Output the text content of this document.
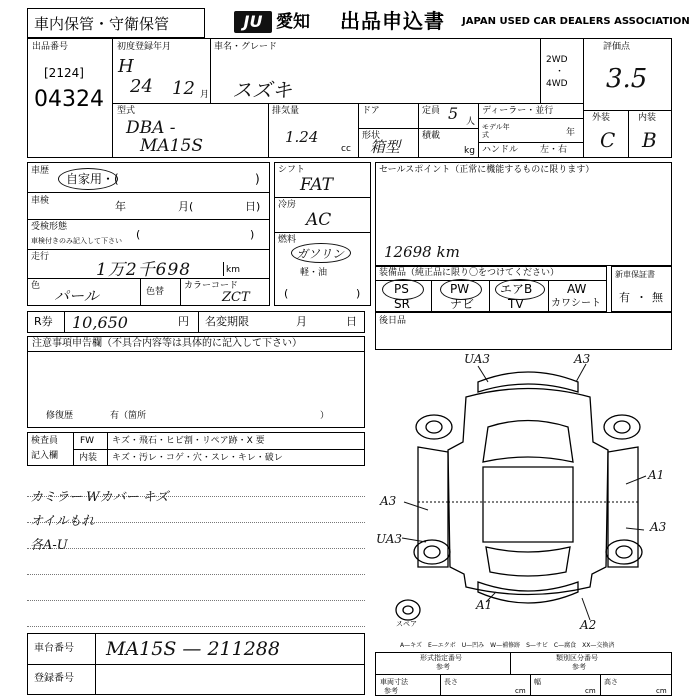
車内保管・守衛保管	JU 愛知 出品申込書 JAPAN USED CAR DEALERS ASSOCIATION
出品番号
[2124]
04324
初度登録年月
H
24 12 月
車名・グレード
スズキ
2WD
・
4WD
評価点
3.5
型式
DBA -
MA15S
排気量
1.24
cc
ドア
形状
箱型
定員 5 人
積載
kg
ディーラー・並行
モデル年式	年
ハンドル 左・右
外装	内装
C B
車歴
自家用・(	)
車検	年	月(	日)
受検形態
車検付きのみ記入して下さい (	)
走行
1万2千698	km
色
パール	色替
カラーコード
ZCT
シフト
FAT
冷房
AC
燃料
ガソリン
軽・油
(	)
セールスポイント（正常に機能するものに限ります）
12698 km
装備品（純正品に限り〇をつけてください）
PS	PW	エアB	AW
SR	ナビ	TV	カワシート
新車保証書
有 ・ 無
R券 10,650	円 名変期限	月	日 後日品
注意事項申告欄（不具合内容等は具体的に記入して下さい）
修復歴	有（箇所	）
検査員
記入欄
FW キズ・飛石・ヒビ割・リペア跡・X 要
内装 キズ・汚レ・コゲ・穴・スレ・キレ・破レ
カミラー Wカバー キズ
オイルもれ
各A-U
UA3	A3
A1
A3
UA3
A3
A1
A2
スペア
A—キズ　E—エクボ　U—凹み　W—補修跡　S—サビ　C—腐食　XX—交換済
車台番号 MA15S — 211288
登録番号
形式指定番号
参考
類別区分番号
参考
車両寸法
参考
長さ
cm
幅
cm
高さ
cm
